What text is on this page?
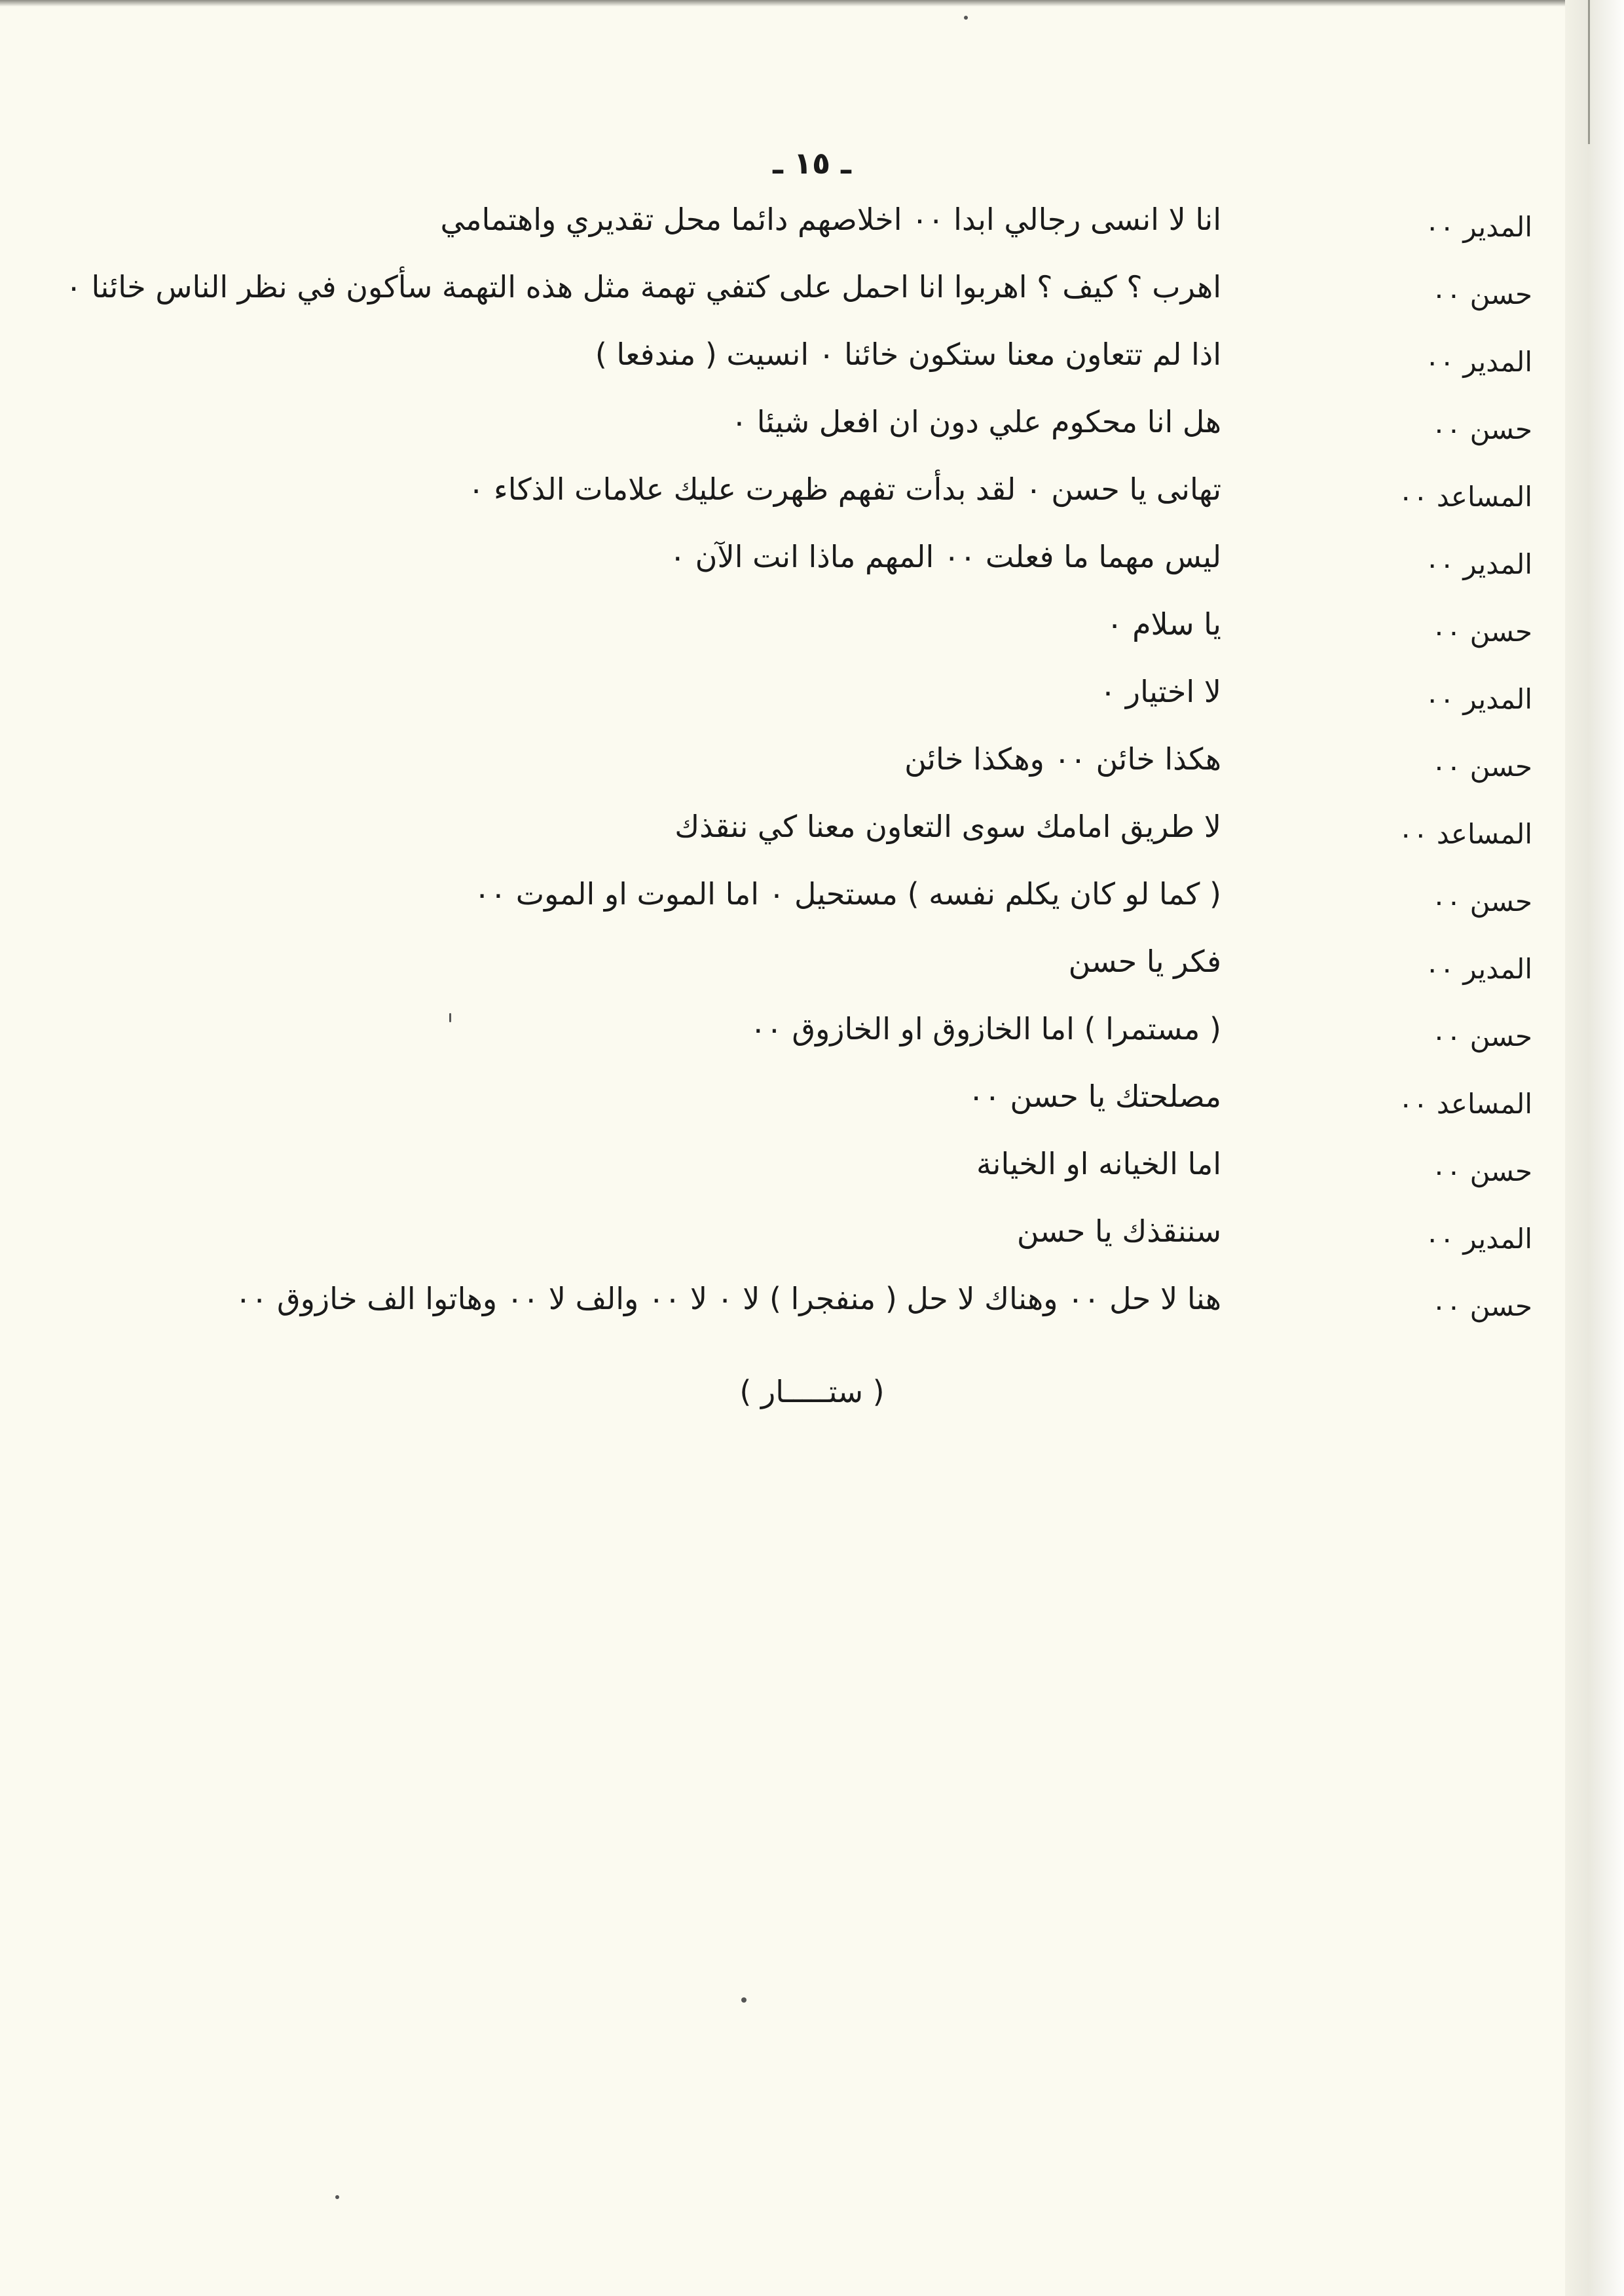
ـ ١٥ ـ
المدير ٠٠
انا لا انسى رجالي ابدا ٠٠ اخلاصهم دائما محل تقديري واهتمامي
حسن ٠٠
اهرب ؟ كيف ؟ اهربوا انا احمل على كتفي تهمة مثل هذه التهمة سأكون في نظر الناس خائنا ٠
المدير ٠٠
اذا لم تتعاون معنا ستكون خائنا ٠ انسيت ( مندفعا )
حسن ٠٠
هل انا محكوم علي دون ان افعل شيئا ٠
المساعد ٠٠
تهانى يا حسن ٠ لقد بدأت تفهم ظهرت عليك علامات الذكاء ٠
المدير ٠٠
ليس مهما ما فعلت ٠٠ المهم ماذا انت الآن ٠
حسن ٠٠
يا سلام ٠
المدير ٠٠
لا اختيار ٠
حسن ٠٠
هكذا خائن ٠٠ وهكذا خائن
المساعد ٠٠
لا طريق امامك سوى التعاون معنا كي ننقذك
حسن ٠٠
( كما لو كان يكلم نفسه ) مستحيل ٠ اما الموت او الموت ٠٠
المدير ٠٠
فكر يا حسن
حسن ٠٠
( مستمرا ) اما الخازوق او الخازوق ٠٠
المساعد ٠٠
مصلحتك يا حسن ٠٠
حسن ٠٠
اما الخيانه او الخيانة
المدير ٠٠
سننقذك يا حسن
حسن ٠٠
هنا لا حل ٠٠ وهناك لا حل ( منفجرا ) لا ٠ لا ٠٠ والف لا ٠٠ وهاتوا الف خازوق ٠٠
( ستـــــار )
